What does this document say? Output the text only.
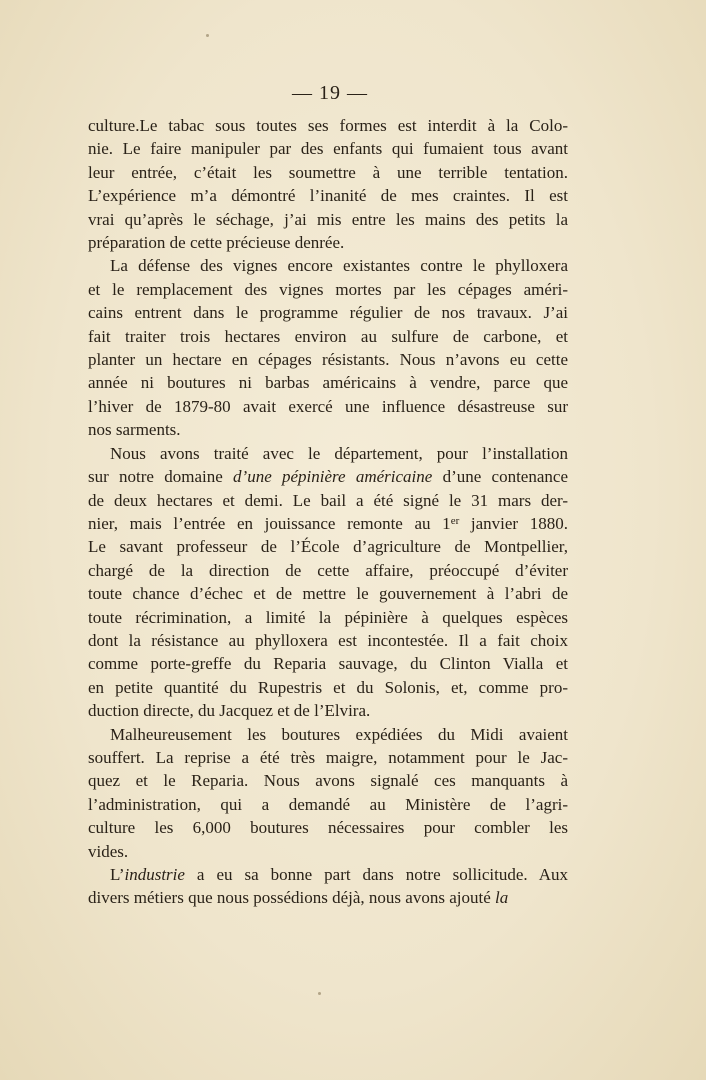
— 19 —
culture.Le tabac sous toutes ses formes est interdit à la Colo-
nie. Le faire manipuler par des enfants qui fumaient tous avant
leur entrée, c’était les soumettre à une terrible tentation.
L’expérience m’a démontré l’inanité de mes craintes. Il est
vrai qu’après le séchage, j’ai mis entre les mains des petits la
préparation de cette précieuse denrée.
La défense des vignes encore existantes contre le phylloxera
et le remplacement des vignes mortes par les cépages améri-
cains entrent dans le programme régulier de nos travaux. J’ai
fait traiter trois hectares environ au sulfure de carbone, et
planter un hectare en cépages résistants. Nous n’avons eu cette
année ni boutures ni barbas américains à vendre, parce que
l’hiver de 1879-80 avait exercé une influence désastreuse sur
nos sarments.
Nous avons traité avec le département, pour l’installation
sur notre domaine d’une pépinière américaine d’une contenance
de deux hectares et demi. Le bail a été signé le 31 mars der-
nier, mais l’entrée en jouissance remonte au 1er janvier 1880.
Le savant professeur de l’École d’agriculture de Montpellier,
chargé de la direction de cette affaire, préoccupé d’éviter
toute chance d’échec et de mettre le gouvernement à l’abri de
toute récrimination, a limité la pépinière à quelques espèces
dont la résistance au phylloxera est incontestée. Il a fait choix
comme porte-greffe du Reparia sauvage, du Clinton Vialla et
en petite quantité du Rupestris et du Solonis, et, comme pro-
duction directe, du Jacquez et de l’Elvira.
Malheureusement les boutures expédiées du Midi avaient
souffert. La reprise a été très maigre, notamment pour le Jac-
quez et le Reparia. Nous avons signalé ces manquants à
l’administration, qui a demandé au Ministère de l’agri-
culture les 6,000 boutures nécessaires pour combler les
vides.
L’industrie a eu sa bonne part dans notre sollicitude. Aux
divers métiers que nous possédions déjà, nous avons ajouté la
